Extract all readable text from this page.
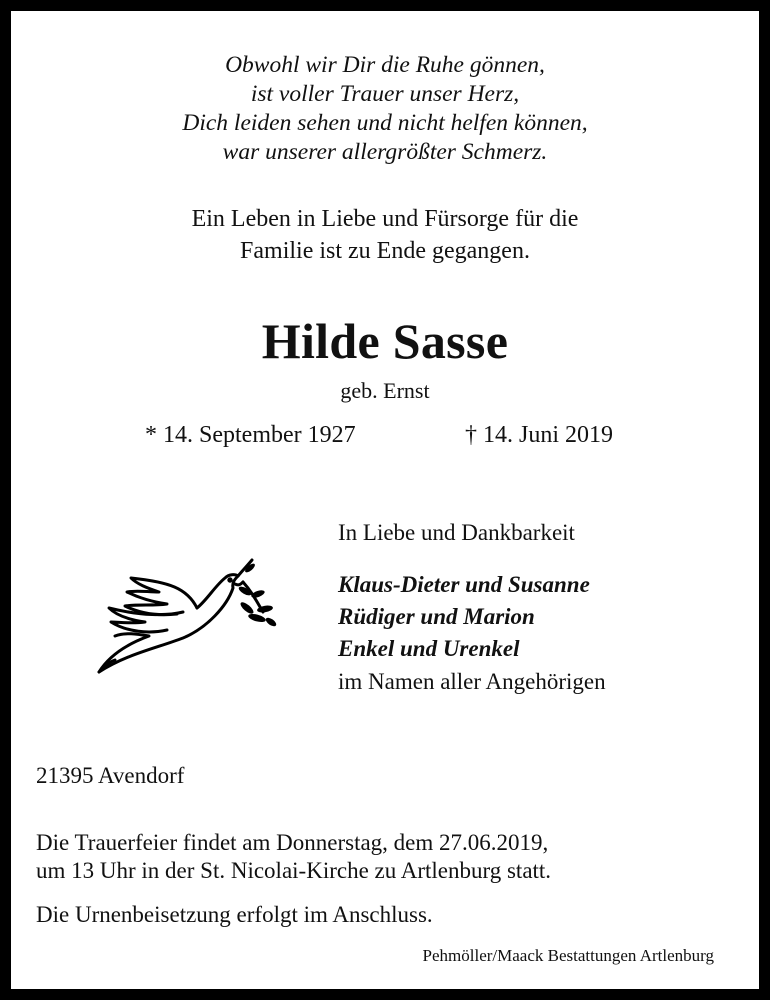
Obwohl wir Dir die Ruhe gönnen,
ist voller Trauer unser Herz,
Dich leiden sehen und nicht helfen können,
war unserer allergrößter Schmerz.
Ein Leben in Liebe und Fürsorge für die
Familie ist zu Ende gegangen.
Hilde Sasse
geb. Ernst
* 14. September 1927	† 14. Juni 2019
In Liebe und Dankbarkeit
Klaus-Dieter und Susanne
Rüdiger und Marion
Enkel und Urenkel
im Namen aller Angehörigen
21395 Avendorf
Die Trauerfeier findet am Donnerstag, dem 27.06.2019,
um 13 Uhr in der St. Nicolai-Kirche zu Artlenburg statt.
Die Urnenbeisetzung erfolgt im Anschluss.
Pehmöller/Maack Bestattungen Artlenburg
